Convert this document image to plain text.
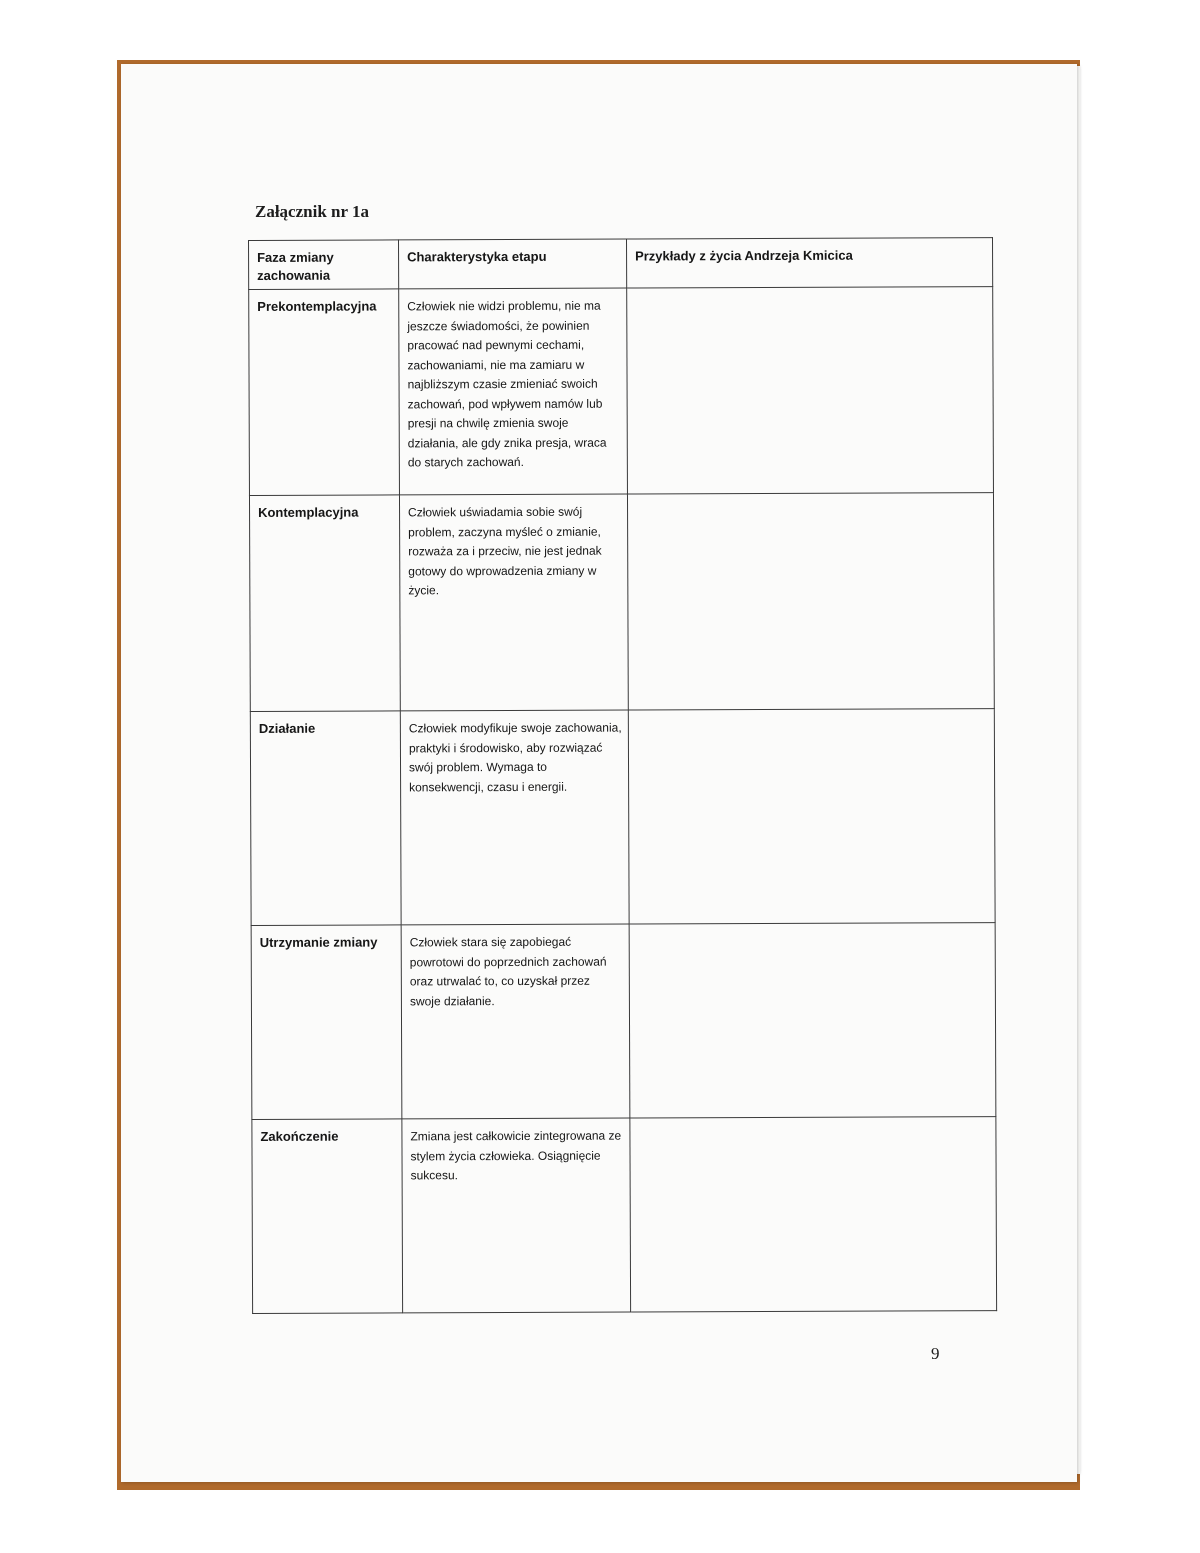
Załącznik nr 1a
Faza zmiany zachowania	Charakterystyka etapu	Przykłady z życia Andrzeja Kmicica
Prekontemplacyjna	Człowiek nie widzi problemu, nie ma jeszcze świadomości, że powinien pracować nad pewnymi cechami, zachowaniami, nie ma zamiaru w najbliższym czasie zmieniać swoich zachowań, pod wpływem namów lub presji na chwilę zmienia swoje działania, ale gdy znika presja, wraca do starych zachowań.	
Kontemplacyjna	Człowiek uświadamia sobie swój problem, zaczyna myśleć o zmianie, rozważa za i przeciw, nie jest jednak gotowy do wprowadzenia zmiany w życie.	
Działanie	Człowiek modyfikuje swoje zachowania, praktyki i środowisko, aby rozwiązać swój problem. Wymaga to konsekwencji, czasu i energii.	
Utrzymanie zmiany	Człowiek stara się zapobiegać powrotowi do poprzednich zachowań oraz utrwalać to, co uzyskał przez swoje działanie.	
Zakończenie	Zmiana jest całkowicie zintegrowana ze stylem życia człowieka. Osiągnięcie sukcesu.	
9
